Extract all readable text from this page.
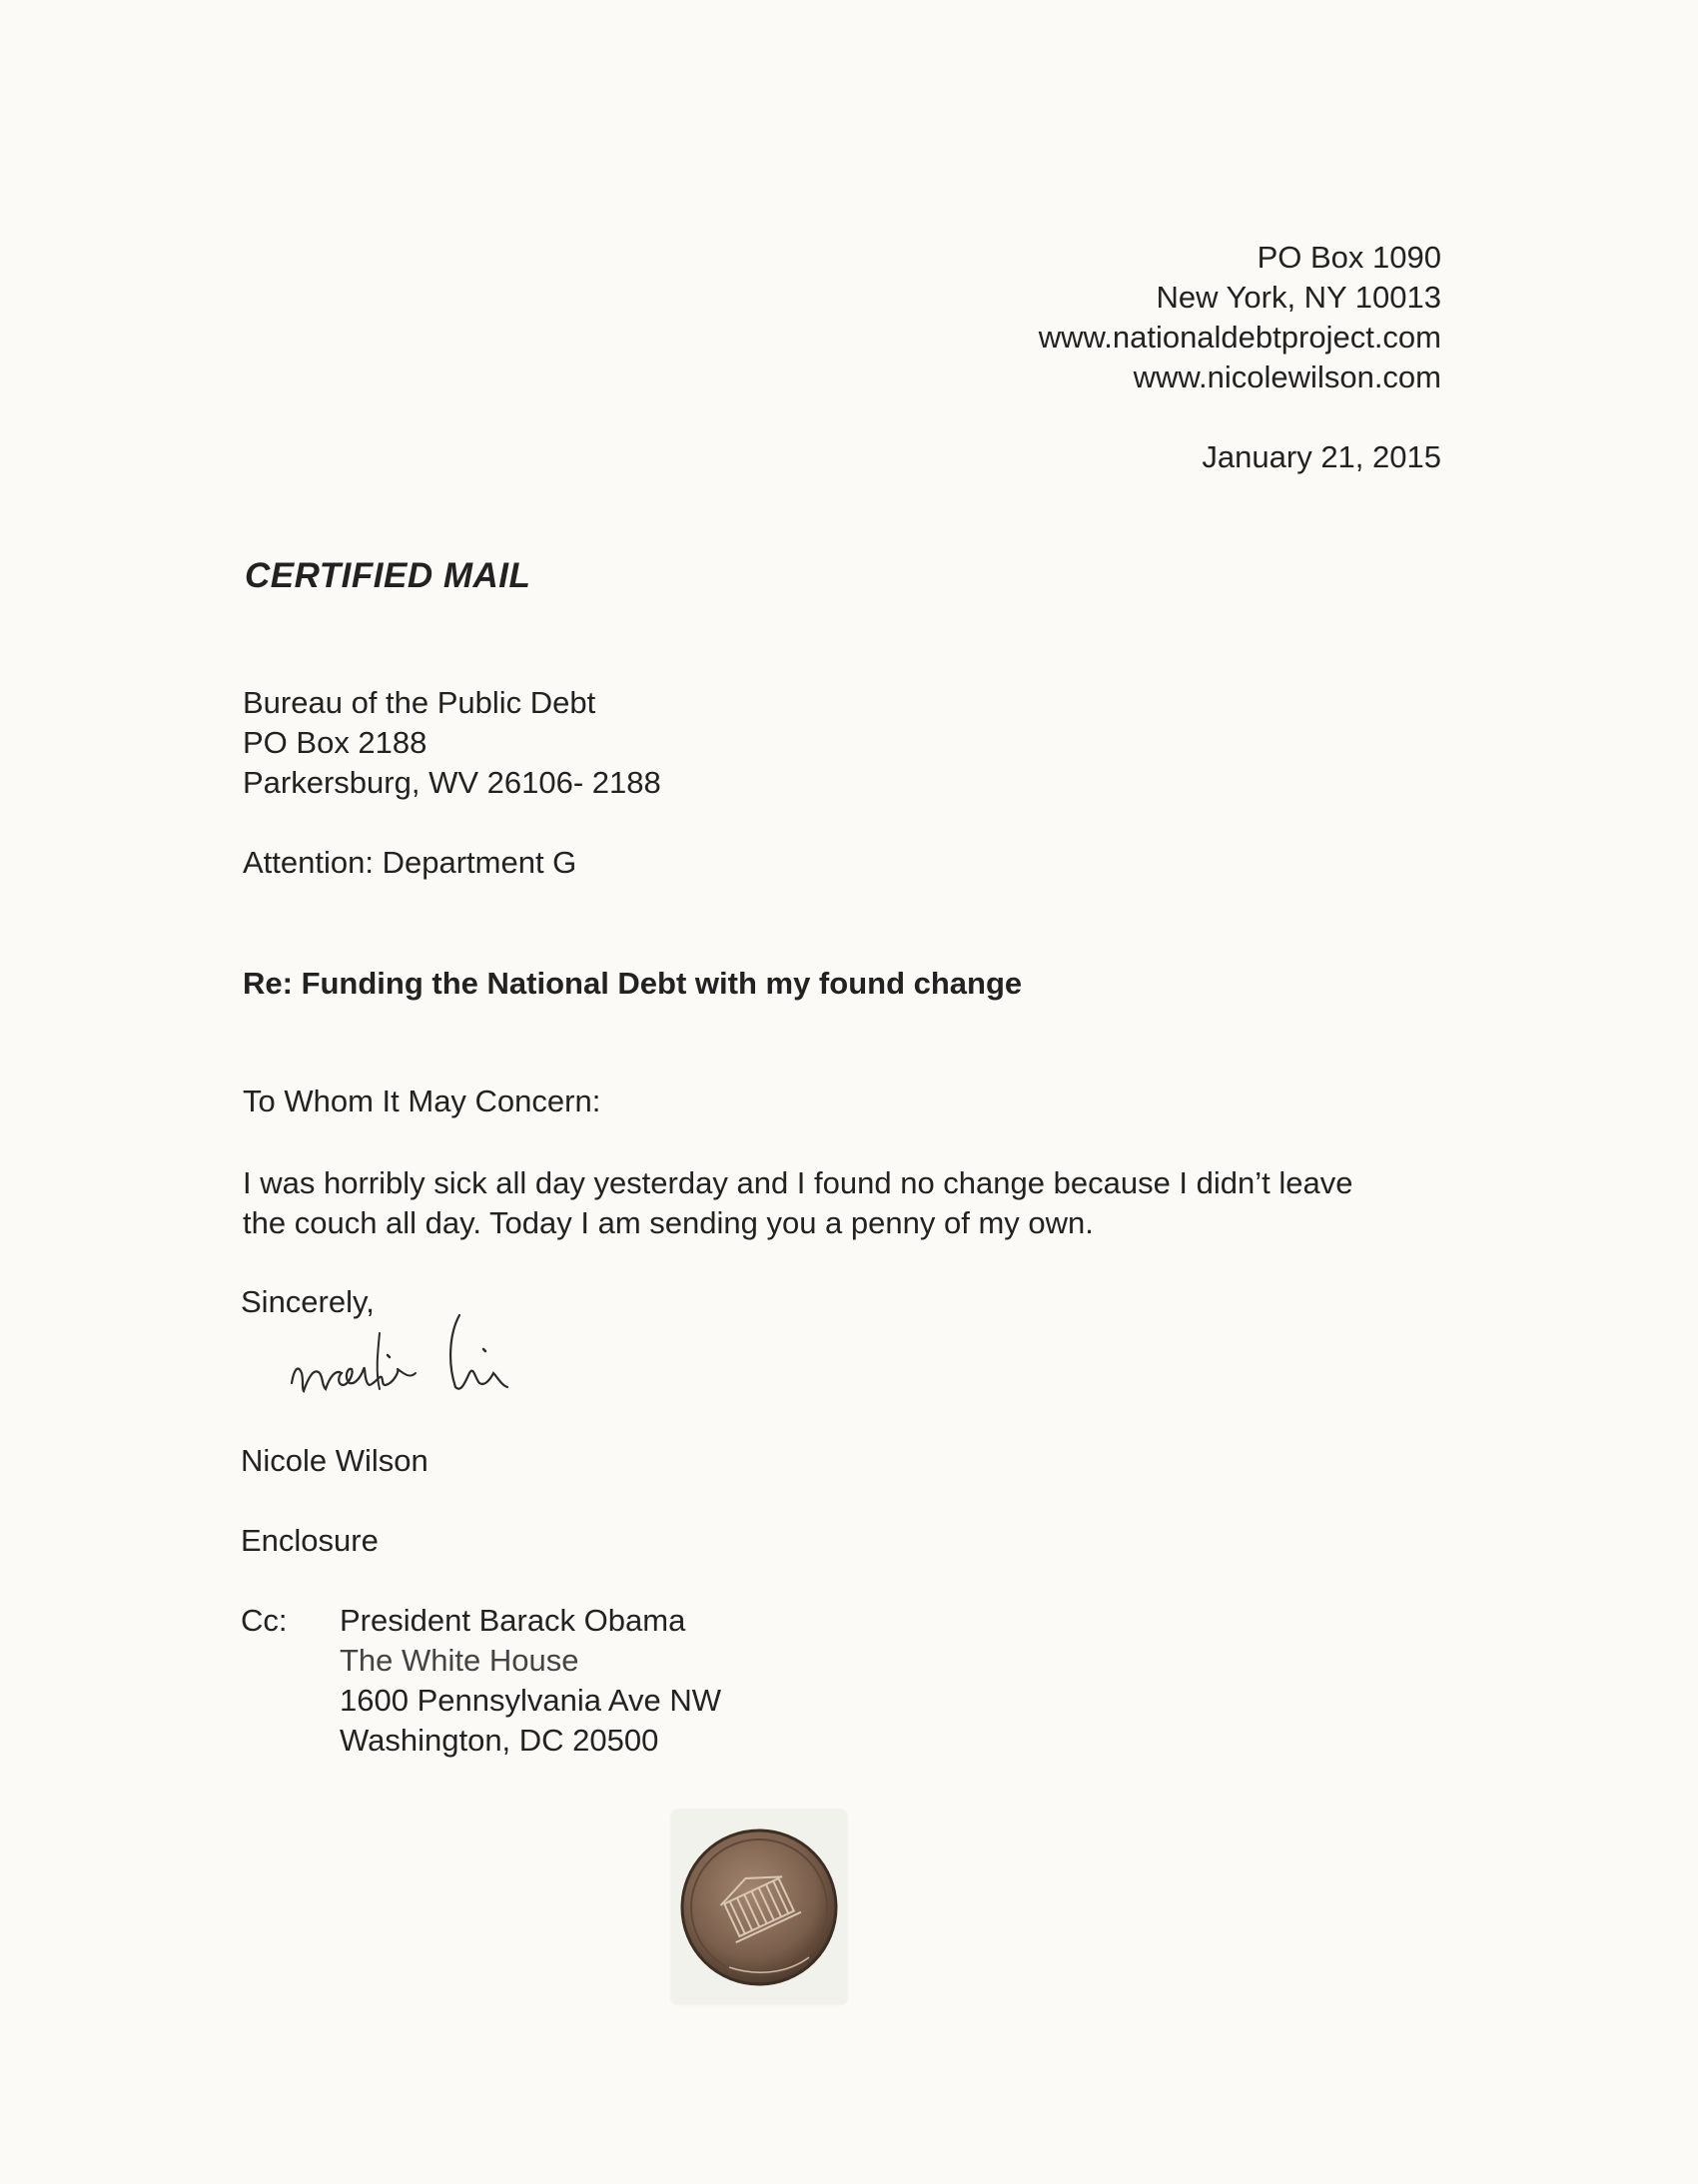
PO Box 1090
New York, NY 10013
www.nationaldebtproject.com
www.nicolewilson.com
January 21, 2015
CERTIFIED MAIL
Bureau of the Public Debt
PO Box 2188
Parkersburg, WV 26106- 2188
Attention: Department G
Re: Funding the National Debt with my found change
To Whom It May Concern:
I was horribly sick all day yesterday and I found no change because I didn’t leave
the couch all day. Today I am sending you a penny of my own.
Sincerely,
Nicole Wilson
Enclosure
Cc: President Barack Obama
The White House
1600 Pennsylvania Ave NW
Washington, DC 20500
